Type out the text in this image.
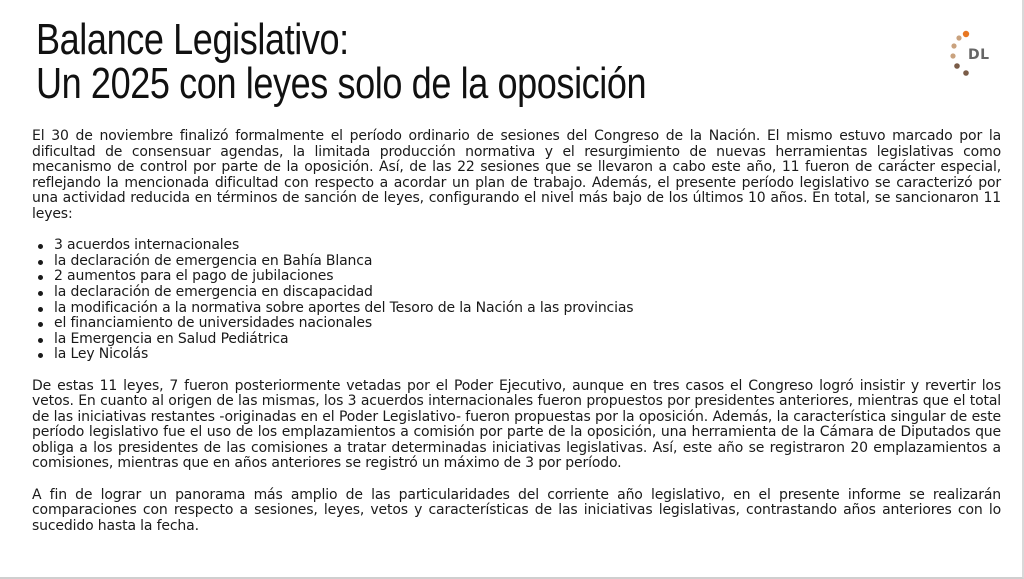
Balance Legislativo:
Un 2025 con leyes solo de la oposición
DL

El 30 de noviembre finalizó formalmente el período ordinario de sesiones del Congreso de la Nación. El mismo estuvo marcado por la dificultad de consensuar agendas, la limitada producción normativa y el resurgimiento de nuevas herramientas legislativas como mecanismo de control por parte de la oposición. Así, de las 22 sesiones que se llevaron a cabo este año, 11 fueron de carácter especial, reflejando la mencionada dificultad con respecto a acordar un plan de trabajo. Además, el presente período legislativo se caracterizó por una actividad reducida en términos de sanción de leyes, configurando el nivel más bajo de los últimos 10 años. En total, se sancionaron 11 leyes:

3 acuerdos internacionales
la declaración de emergencia en Bahía Blanca
2 aumentos para el pago de jubilaciones
la declaración de emergencia en discapacidad
la modificación a la normativa sobre aportes del Tesoro de la Nación a las provincias
el financiamiento de universidades nacionales
la Emergencia en Salud Pediátrica
la Ley Nicolás

De estas 11 leyes, 7 fueron posteriormente vetadas por el Poder Ejecutivo, aunque en tres casos el Congreso logró insistir y revertir los vetos. En cuanto al origen de las mismas, los 3 acuerdos internacionales fueron propuestos por presidentes anteriores, mientras que el total de las iniciativas restantes -originadas en el Poder Legislativo- fueron propuestas por la oposición. Además, la característica singular de este período legislativo fue el uso de los emplazamientos a comisión por parte de la oposición, una herramienta de la Cámara de Diputados que obliga a los presidentes de las comisiones a tratar determinadas iniciativas legislativas. Así, este año se registraron 20 emplazamientos a comisiones, mientras que en años anteriores se registró un máximo de 3 por período.

A fin de lograr un panorama más amplio de las particularidades del corriente año legislativo, en el presente informe se realizarán comparaciones con respecto a sesiones, leyes, vetos y características de las iniciativas legislativas, contrastando años anteriores con lo sucedido hasta la fecha.
